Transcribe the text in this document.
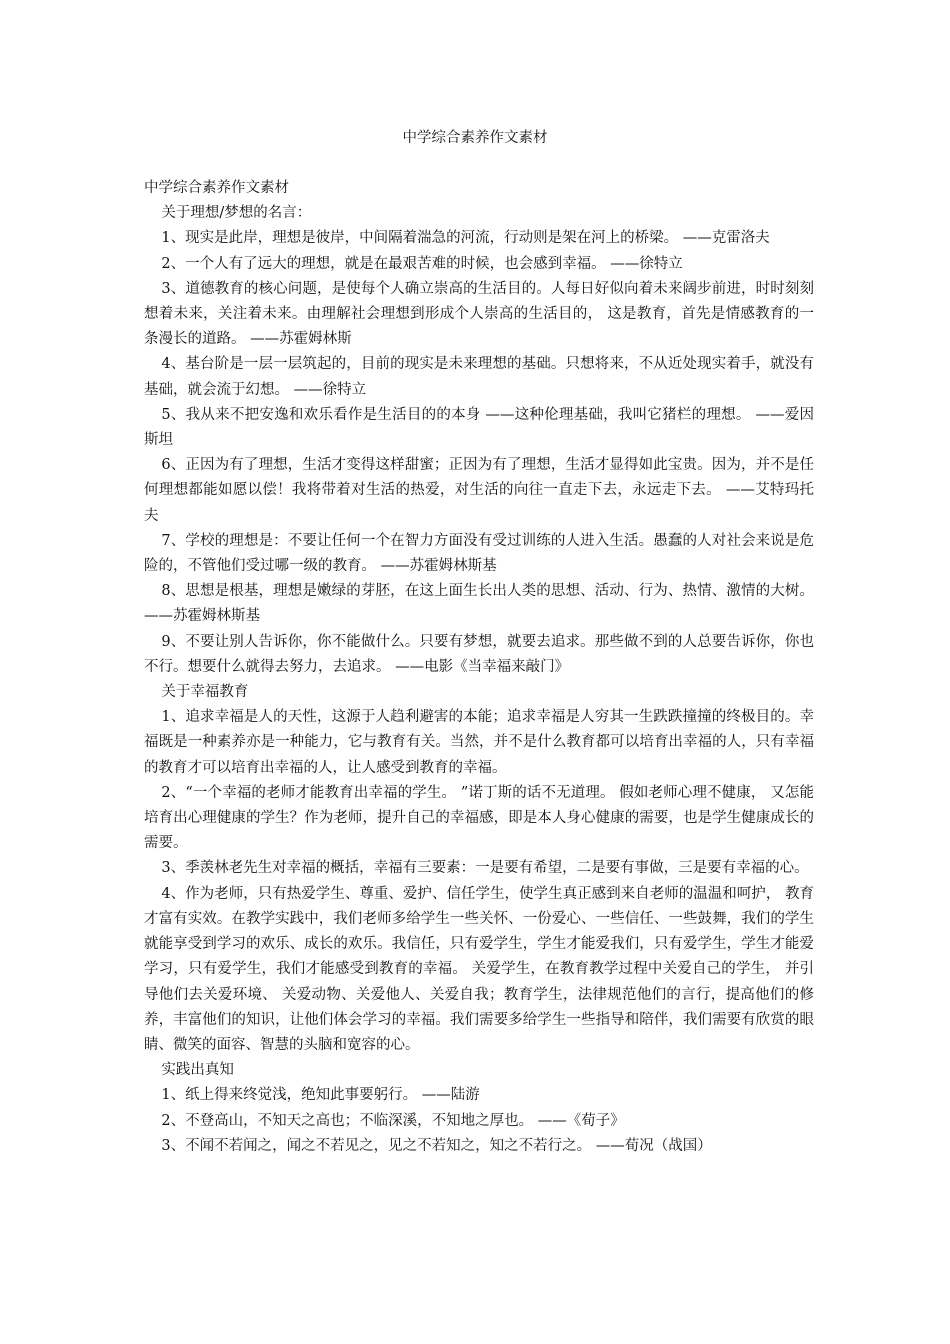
中学综合素养作文素材

中学综合素养作文素材

关于理想/梦想的名言：

1、现实是此岸，理想是彼岸，中间隔着湍急的河流，行动则是架在河上的桥梁。 ——克雷洛夫

2、一个人有了远大的理想，就是在最艰苦难的时候，也会感到幸福。 ——徐特立

3、道德教育的核心问题，是使每个人确立崇高的生活目的。人每日好似向着未来阔步前进，时时刻刻想着未来，关注着未来。由理解社会理想到形成个人崇高的生活目的， 这是教育，首先是情感教育的一条漫长的道路。 ——苏霍姆林斯

4、基台阶是一层一层筑起的，目前的现实是未来理想的基础。只想将来，不从近处现实着手，就没有基础，就会流于幻想。 ——徐特立

5、我从来不把安逸和欢乐看作是生活目的的本身 ——这种伦理基础，我叫它猪栏的理想。 ——爱因斯坦

6、正因为有了理想，生活才变得这样甜蜜；正因为有了理想，生活才显得如此宝贵。因为，并不是任何理想都能如愿以偿！我将带着对生活的热爱，对生活的向往一直走下去，永远走下去。 ——艾特玛托夫

7、学校的理想是：不要让任何一个在智力方面没有受过训练的人进入生活。愚蠢的人对社会来说是危险的，不管他们受过哪一级的教育。 ——苏霍姆林斯基

8、思想是根基，理想是嫩绿的芽胚，在这上面生长出人类的思想、活动、行为、热情、激情的大树。 ——苏霍姆林斯基

9、不要让别人告诉你，你不能做什么。只要有梦想，就要去追求。那些做不到的人总要告诉你，你也不行。想要什么就得去努力，去追求。 ——电影《当幸福来敲门》

关于幸福教育

1、追求幸福是人的天性，这源于人趋利避害的本能；追求幸福是人穷其一生跌跌撞撞的终极目的。幸福既是一种素养亦是一种能力，它与教育有关。当然，并不是什么教育都可以培育出幸福的人，只有幸福的教育才可以培育出幸福的人，让人感受到教育的幸福。

2、“一个幸福的老师才能教育出幸福的学生。 ”诺丁斯的话不无道理。 假如老师心理不健康， 又怎能培育出心理健康的学生？作为老师，提升自己的幸福感，即是本人身心健康的需要，也是学生健康成长的需要。

3、季羡林老先生对幸福的概括，幸福有三要素：一是要有希望，二是要有事做，三是要有幸福的心。

4、作为老师，只有热爱学生、尊重、爱护、信任学生，使学生真正感到来自老师的温温和呵护， 教育才富有实效。在教学实践中，我们老师多给学生一些关怀、一份爱心、一些信任、一些鼓舞，我们的学生就能享受到学习的欢乐、成长的欢乐。我信任，只有爱学生，学生才能爱我们，只有爱学生，学生才能爱学习，只有爱学生，我们才能感受到教育的幸福。 关爱学生，在教育教学过程中关爱自己的学生， 并引导他们去关爱环境、 关爱动物、关爱他人、关爱自我；教育学生，法律规范他们的言行，提高他们的修养，丰富他们的知识，让他们体会学习的幸福。我们需要多给学生一些指导和陪伴，我们需要有欣赏的眼睛、微笑的面容、智慧的头脑和宽容的心。

实践出真知

1、纸上得来终觉浅，绝知此事要躬行。 ——陆游

2、不登高山，不知天之高也；不临深溪，不知地之厚也。 ——《荀子》

3、不闻不若闻之，闻之不若见之，见之不若知之，知之不若行之。 ——荀况（战国）
